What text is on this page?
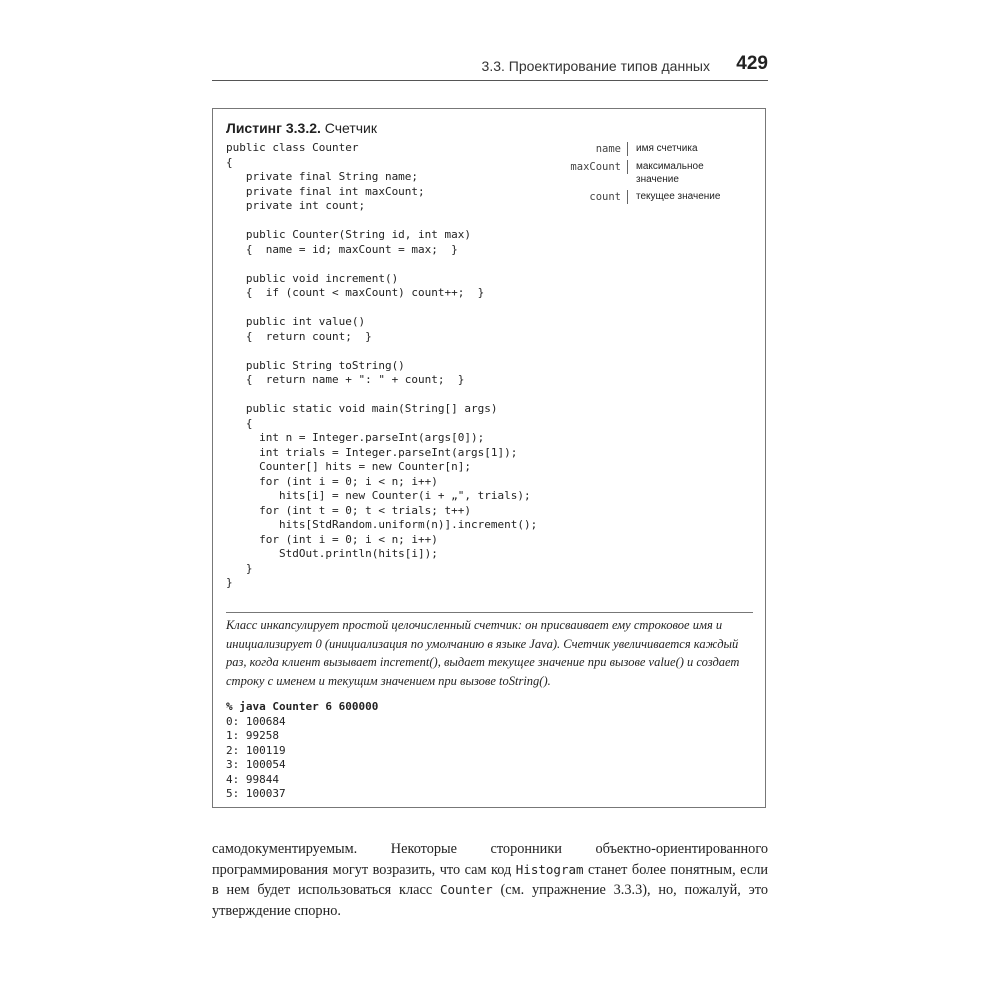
3.3. Проектирование типов данных 429
Листинг 3.3.2. Счетчик
public class Counter
{
private final String name;
private final int maxCount;
private int count;

public Counter(String id, int max)
{  name = id; maxCount = max;  }

public void increment()
{  if (count < maxCount) count++;  }

public int value()
{  return count;  }

public String toString()
{  return name + ": " + count;  }

public static void main(String[] args)
{
int n = Integer.parseInt(args[0]);
int trials = Integer.parseInt(args[1]);
Counter[] hits = new Counter[n];
for (int i = 0; i < n; i++)
hits[i] = new Counter(i + „", trials);
for (int t = 0; t < trials; t++)
hits[StdRandom.uniform(n)].increment();
for (int i = 0; i < n; i++)
StdOut.println(hits[i]);
}
}
name	имя счетчика
maxCount	максимальное значение
count	текущее значение

Класс инкапсулирует простой целочисленный счетчик: он присваивает ему строковое имя и инициализирует 0 (инициализация по умолчанию в языке Java). Счетчик увеличивается каждый раз, когда клиент вызывает increment(), выдает текущее значение при вызове value() и создает строку с именем и текущим значением при вызове toString().

% java Counter 6 600000
0: 100684
1: 99258
2: 100119
3: 100054
4: 99844
5: 100037

самодокументируемым. Некоторые сторонники объектно-ориентированного программирования могут возразить, что сам код Histogram станет более понятным, если в нем будет использоваться класс Counter (см. упражнение 3.3.3), но, пожалуй, это утверждение спорно.
